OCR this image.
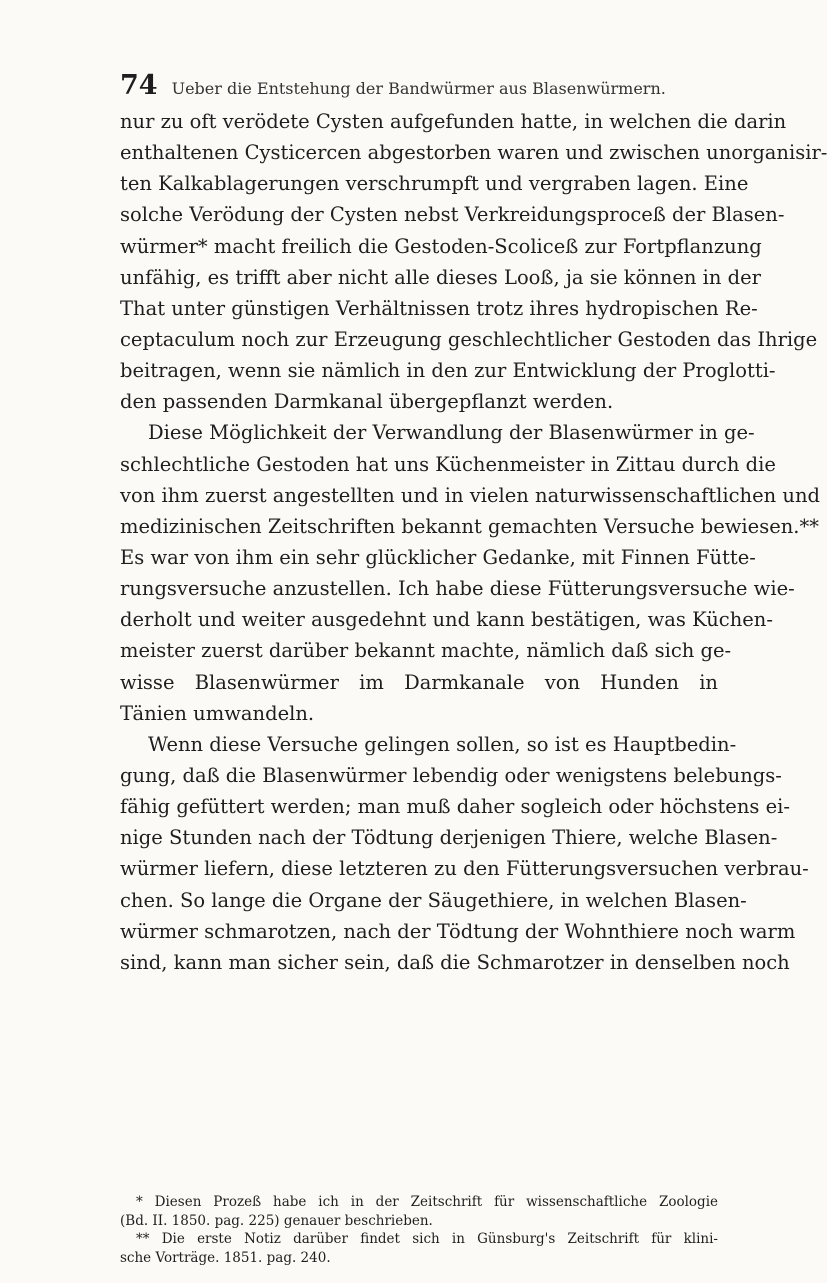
74 Ueber die Entstehung der Bandwürmer aus Blasenwürmern.
nur zu oft verödete Cysten aufgefunden hatte, in welchen die darin
enthaltenen Cysticercen abgestorben waren und zwischen unorganisir-
ten Kalkablagerungen verschrumpft und vergraben lagen. Eine
solche Verödung der Cysten nebst Verkreidungsproceß der Blasen-
würmer* macht freilich die Gestoden-Scoliceß zur Fortpflanzung
unfähig, es trifft aber nicht alle dieses Looß, ja sie können in der
That unter günstigen Verhältnissen trotz ihres hydropischen Re-
ceptaculum noch zur Erzeugung geschlechtlicher Gestoden das Ihrige
beitragen, wenn sie nämlich in den zur Entwicklung der Proglotti-
den passenden Darmkanal übergepflanzt werden.
Diese Möglichkeit der Verwandlung der Blasenwürmer in ge-
schlechtliche Gestoden hat uns Küchenmeister in Zittau durch die
von ihm zuerst angestellten und in vielen naturwissenschaftlichen und
medizinischen Zeitschriften bekannt gemachten Versuche bewiesen.**
Es war von ihm ein sehr glücklicher Gedanke, mit Finnen Fütte-
rungsversuche anzustellen. Ich habe diese Fütterungsversuche wie-
derholt und weiter ausgedehnt und kann bestätigen, was Küchen-
meister zuerst darüber bekannt machte, nämlich daß sich ge-
wisse Blasenwürmer im Darmkanale von Hunden in
Tänien umwandeln.
Wenn diese Versuche gelingen sollen, so ist es Hauptbedin-
gung, daß die Blasenwürmer lebendig oder wenigstens belebungs-
fähig gefüttert werden; man muß daher sogleich oder höchstens ei-
nige Stunden nach der Tödtung derjenigen Thiere, welche Blasen-
würmer liefern, diese letzteren zu den Fütterungsversuchen verbrau-
chen. So lange die Organe der Säugethiere, in welchen Blasen-
würmer schmarotzen, nach der Tödtung der Wohnthiere noch warm
sind, kann man sicher sein, daß die Schmarotzer in denselben noch
* Diesen Prozeß habe ich in der Zeitschrift für wissenschaftliche Zoologie
(Bd. II. 1850. pag. 225) genauer beschrieben.
** Die erste Notiz darüber findet sich in Günsburg's Zeitschrift für klini-
sche Vorträge. 1851. pag. 240.
